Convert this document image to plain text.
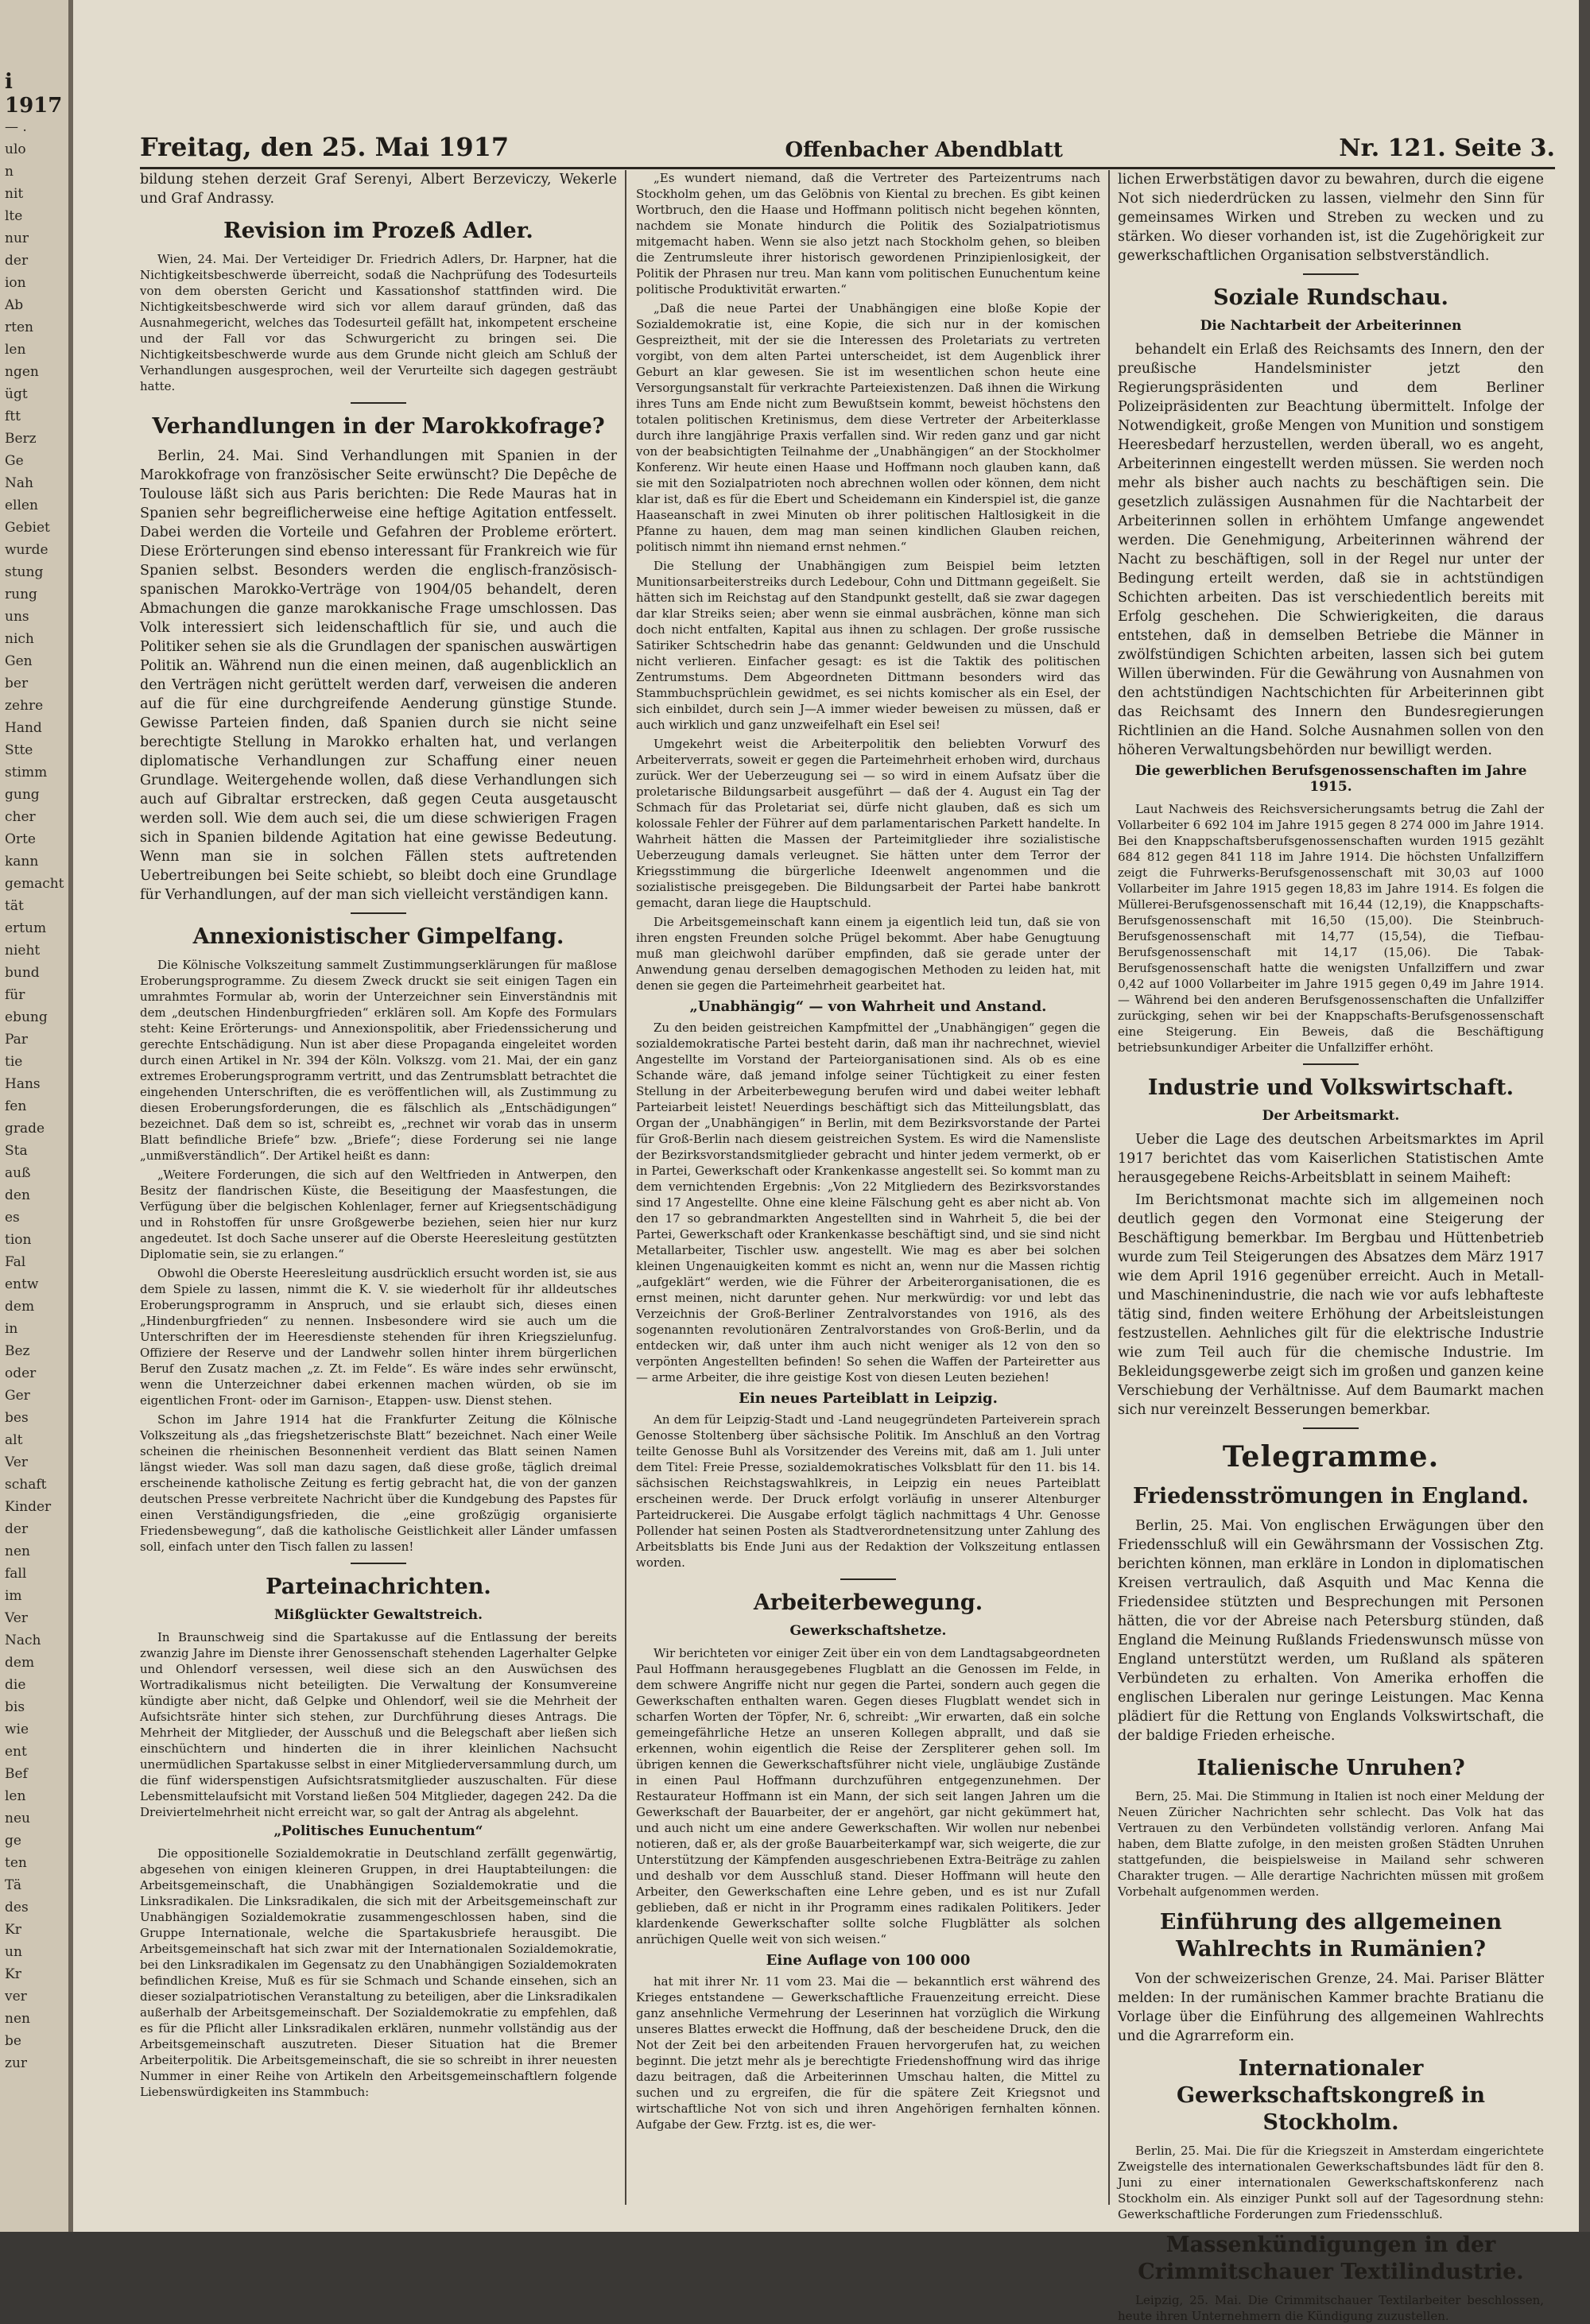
i 1917
— .
ulo
n
nit
lte
nur
der
ion
Ab
rten
len
ngen
ügt
ftt
Berz
Ge
Nah
ellen
Gebiet
wurde
stung
rung
uns
nich
Gen
ber
zehre
Hand
Stte
stimm
gung
cher
Orte
kann
gemacht
tät
ertum
nieht
bund
für
ebung
Par
tie
Hans
fen
grade
Sta
auß
den
es
tion
Fal
entw
dem
in
Bez
oder
Ger
bes
alt
Ver
schaft
Kinder
der
nen
fall
im
Ver
Nach
dem
die
bis
wie
ent
Bef
len
neu
ge
ten
Tä
des
Kr
un
Kr
ver
nen
be
zur
Freitag, den 25. Mai 1917	Offenbacher Abendblatt	Nr. 121. Seite 3.

bildung stehen derzeit Graf Serenyi, Albert Berzeviczy, Wekerle und Graf Andrassy.

Revision im Prozeß Adler.

Wien, 24. Mai. Der Verteidiger Dr. Friedrich Adlers, Dr. Harpner, hat die Nichtigkeitsbeschwerde überreicht, sodaß die Nachprüfung des Todesurteils von dem obersten Gericht und Kassationshof stattfinden wird. Die Nichtigkeitsbeschwerde wird sich vor allem darauf gründen, daß das Ausnahmegericht, welches das Todesurteil gefällt hat, inkompetent erscheine und der Fall vor das Schwurgericht zu bringen sei. Die Nichtigkeitsbeschwerde wurde aus dem Grunde nicht gleich am Schluß der Verhandlungen ausgesprochen, weil der Verurteilte sich dagegen gesträubt hatte.

Verhandlungen in der Marokkofrage?

Berlin, 24. Mai. Sind Verhandlungen mit Spanien in der Marokkofrage von französischer Seite erwünscht? Die Depêche de Toulouse läßt sich aus Paris berichten: Die Rede Mauras hat in Spanien sehr begreiflicherweise eine heftige Agitation entfesselt. Dabei werden die Vorteile und Gefahren der Probleme erörtert. Diese Erörterungen sind ebenso interessant für Frankreich wie für Spanien selbst. Besonders werden die englisch-französisch-spanischen Marokko-Verträge von 1904/05 behandelt, deren Abmachungen die ganze marokkanische Frage umschlossen. Das Volk interessiert sich leidenschaftlich für sie, und auch die Politiker sehen sie als die Grundlagen der spanischen auswärtigen Politik an. Während nun die einen meinen, daß augenblicklich an den Verträgen nicht gerüttelt werden darf, verweisen die anderen auf die für eine durchgreifende Aenderung günstige Stunde. Gewisse Parteien finden, daß Spanien durch sie nicht seine berechtigte Stellung in Marokko erhalten hat, und verlangen diplomatische Verhandlungen zur Schaffung einer neuen Grundlage. Weitergehende wollen, daß diese Verhandlungen sich auch auf Gibraltar erstrecken, daß gegen Ceuta ausgetauscht werden soll. Wie dem auch sei, die um diese schwierigen Fragen sich in Spanien bildende Agitation hat eine gewisse Bedeutung. Wenn man sie in solchen Fällen stets auftretenden Uebertreibungen bei Seite schiebt, so bleibt doch eine Grundlage für Verhandlungen, auf der man sich vielleicht verständigen kann.

Annexionistischer Gimpelfang.

Die Kölnische Volkszeitung sammelt Zustimmungserklärungen für maßlose Eroberungsprogramme. Zu diesem Zweck druckt sie seit einigen Tagen ein umrahmtes Formular ab, worin der Unterzeichner sein Einverständnis mit dem „deutschen Hindenburgfrieden“ erklären soll. Am Kopfe des Formulars steht: Keine Erörterungs- und Annexionspolitik, aber Friedenssicherung und gerechte Entschädigung. Nun ist aber diese Propaganda eingeleitet worden durch einen Artikel in Nr. 394 der Köln. Volkszg. vom 21. Mai, der ein ganz extremes Eroberungsprogramm vertritt, und das Zentrumsblatt betrachtet die eingehenden Unterschriften, die es veröffentlichen will, als Zustimmung zu diesen Eroberungsforderungen, die es fälschlich als „Entschädigungen“ bezeichnet. Daß dem so ist, schreibt es, „rechnet wir vorab das in unserm Blatt befindliche Briefe“ bzw. „Briefe“; diese Forderung sei nie lange „unmißverständlich“. Der Artikel heißt es dann:

„Weitere Forderungen, die sich auf den Weltfrieden in Antwerpen, den Besitz der flandrischen Küste, die Beseitigung der Maasfestungen, die Verfügung über die belgischen Kohlenlager, ferner auf Kriegsentschädigung und in Rohstoffen für unsre Großgewerbe beziehen, seien hier nur kurz angedeutet. Ist doch Sache unserer auf die Oberste Heeresleitung gestützten Diplomatie sein, sie zu erlangen.“

Obwohl die Oberste Heeresleitung ausdrücklich ersucht worden ist, sie aus dem Spiele zu lassen, nimmt die K. V. sie wiederholt für ihr alldeutsches Eroberungsprogramm in Anspruch, und sie erlaubt sich, dieses einen „Hindenburgfrieden“ zu nennen. Insbesondere wird sie auch um die Unterschriften der im Heeresdienste stehenden für ihren Kriegszielunfug. Offiziere der Reserve und der Landwehr sollen hinter ihrem bürgerlichen Beruf den Zusatz machen „z. Zt. im Felde“. Es wäre indes sehr erwünscht, wenn die Unterzeichner dabei erkennen machen würden, ob sie im eigentlichen Front- oder im Garnison-, Etappen- usw. Dienst stehen.

Schon im Jahre 1914 hat die Frankfurter Zeitung die Kölnische Volkszeitung als „das friegshetzerischste Blatt“ bezeichnet. Nach einer Weile scheinen die rheinischen Besonnenheit verdient das Blatt seinen Namen längst wieder. Was soll man dazu sagen, daß diese große, täglich dreimal erscheinende katholische Zeitung es fertig gebracht hat, die von der ganzen deutschen Presse verbreitete Nachricht über die Kundgebung des Papstes für einen Verständigungsfrieden, die „eine großzügig organisierte Friedensbewegung“, daß die katholische Geistlichkeit aller Länder umfassen soll, einfach unter den Tisch fallen zu lassen!

Parteinachrichten.
Mißglückter Gewaltstreich.

In Braunschweig sind die Spartakusse auf die Entlassung der bereits zwanzig Jahre im Dienste ihrer Genossenschaft stehenden Lagerhalter Gelpke und Ohlendorf versessen, weil diese sich an den Auswüchsen des Wortradikalismus nicht beteiligten. Die Verwaltung der Konsumvereine kündigte aber nicht, daß Gelpke und Ohlendorf, weil sie die Mehrheit der Aufsichtsräte hinter sich stehen, zur Durchführung dieses Antrags. Die Mehrheit der Mitglieder, der Ausschuß und die Belegschaft aber ließen sich einschüchtern und hinderten die in ihrer kleinlichen Nachsucht unermüdlichen Spartakusse selbst in einer Mitgliederversammlung durch, um die fünf widerspenstigen Aufsichtsratsmitglieder auszuschalten. Für diese Lebensmittelaufsicht mit Vorstand ließen 504 Mitglieder, dagegen 242. Da die Dreiviertelmehrheit nicht erreicht war, so galt der Antrag als abgelehnt.

„Politisches Eunuchentum“

Die oppositionelle Sozialdemokratie in Deutschland zerfällt gegenwärtig, abgesehen von einigen kleineren Gruppen, in drei Hauptabteilungen: die Arbeitsgemeinschaft, die Unabhängigen Sozialdemokratie und die Linksradikalen. Die Linksradikalen, die sich mit der Arbeitsgemeinschaft zur Unabhängigen Sozialdemokratie zusammengeschlossen haben, sind die Gruppe Internationale, welche die Spartakusbriefe herausgibt. Die Arbeitsgemeinschaft hat sich zwar mit der Internationalen Sozialdemokratie, bei den Linksradikalen im Gegensatz zu den Unabhängigen Sozialdemokraten befindlichen Kreise, Muß es für sie Schmach und Schande einsehen, sich an dieser sozialpatriotischen Veranstaltung zu beteiligen, aber die Linksradikalen außerhalb der Arbeitsgemeinschaft. Der Sozialdemokratie zu empfehlen, daß es für die Pflicht aller Linksradikalen erklären, nunmehr vollständig aus der Arbeitsgemeinschaft auszutreten. Dieser Situation hat die Bremer Arbeiterpolitik. Die Arbeitsgemeinschaft, die sie so schreibt in ihrer neuesten Nummer in einer Reihe von Artikeln den Arbeitsgemeinschaftlern folgende Liebenswürdigkeiten ins Stammbuch:

„Es wundert niemand, daß die Vertreter des Parteizentrums nach Stockholm gehen, um das Gelöbnis von Kiental zu brechen. Es gibt keinen Wortbruch, den die Haase und Hoffmann politisch nicht begehen könnten, nachdem sie Monate hindurch die Politik des Sozialpatriotismus mitgemacht haben. Wenn sie also jetzt nach Stockholm gehen, so bleiben die Zentrumsleute ihrer historisch gewordenen Prinzipienlosigkeit, der Politik der Phrasen nur treu. Man kann vom politischen Eunuchentum keine politische Produktivität erwarten.“

„Daß die neue Partei der Unabhängigen eine bloße Kopie der Sozialdemokratie ist, eine Kopie, die sich nur in der komischen Gespreiztheit, mit der sie die Interessen des Proletariats zu vertreten vorgibt, von dem alten Partei unterscheidet, ist dem Augenblick ihrer Geburt an klar gewesen. Sie ist im wesentlichen schon heute eine Versorgungsanstalt für verkrachte Parteiexistenzen. Daß ihnen die Wirkung ihres Tuns am Ende nicht zum Bewußtsein kommt, beweist höchstens den totalen politischen Kretinismus, dem diese Vertreter der Arbeiterklasse durch ihre langjährige Praxis verfallen sind. Wir reden ganz und gar nicht von der beabsichtigten Teilnahme der „Unabhängigen“ an der Stockholmer Konferenz. Wir heute einen Haase und Hoffmann noch glauben kann, daß sie mit den Sozialpatrioten noch abrechnen wollen oder können, dem nicht klar ist, daß es für die Ebert und Scheidemann ein Kinderspiel ist, die ganze Haaseanschaft in zwei Minuten ob ihrer politischen Haltlosigkeit in die Pfanne zu hauen, dem mag man seinen kindlichen Glauben reichen, politisch nimmt ihn niemand ernst nehmen.“

Die Stellung der Unabhängigen zum Beispiel beim letzten Munitionsarbeiterstreiks durch Ledebour, Cohn und Dittmann gegeißelt. Sie hätten sich im Reichstag auf den Standpunkt gestellt, daß sie zwar dagegen dar klar Streiks seien; aber wenn sie einmal ausbrächen, könne man sich doch nicht entfalten, Kapital aus ihnen zu schlagen. Der große russische Satiriker Schtschedrin habe das genannt: Geldwunden und die Unschuld nicht verlieren. Einfacher gesagt: es ist die Taktik des politischen Zentrumstums. Dem Abgeordneten Dittmann besonders wird das Stammbuchsprüchlein gewidmet, es sei nichts komischer als ein Esel, der sich einbildet, durch sein J—A immer wieder beweisen zu müssen, daß er auch wirklich und ganz unzweifelhaft ein Esel sei!

Umgekehrt weist die Arbeiterpolitik den beliebten Vorwurf des Arbeiterverrats, soweit er gegen die Parteimehrheit erhoben wird, durchaus zurück. Wer der Ueberzeugung sei — so wird in einem Aufsatz über die proletarische Bildungsarbeit ausgeführt — daß der 4. August ein Tag der Schmach für das Proletariat sei, dürfe nicht glauben, daß es sich um kolossale Fehler der Führer auf dem parlamentarischen Parkett handelte. In Wahrheit hätten die Massen der Parteimitglieder ihre sozialistische Ueberzeugung damals verleugnet. Sie hätten unter dem Terror der Kriegsstimmung die bürgerliche Ideenwelt angenommen und die sozialistische preisgegeben. Die Bildungsarbeit der Partei habe bankrott gemacht, daran liege die Hauptschuld.

Die Arbeitsgemeinschaft kann einem ja eigentlich leid tun, daß sie von ihren engsten Freunden solche Prügel bekommt. Aber habe Genugtuung muß man gleichwohl darüber empfinden, daß sie gerade unter der Anwendung genau derselben demagogischen Methoden zu leiden hat, mit denen sie gegen die Parteimehrheit gearbeitet hat.

„Unabhängig“ — von Wahrheit und Anstand.

Zu den beiden geistreichen Kampfmittel der „Unabhängigen“ gegen die sozialdemokratische Partei besteht darin, daß man ihr nachrechnet, wieviel Angestellte im Vorstand der Parteiorganisationen sind. Als ob es eine Schande wäre, daß jemand infolge seiner Tüchtigkeit zu einer festen Stellung in der Arbeiterbewegung berufen wird und dabei weiter lebhaft Parteiarbeit leistet! Neuerdings beschäftigt sich das Mitteilungsblatt, das Organ der „Unabhängigen“ in Berlin, mit dem Bezirksvorstande der Partei für Groß-Berlin nach diesem geistreichen System. Es wird die Namensliste der Bezirksvorstandsmitglieder gebracht und hinter jedem vermerkt, ob er in Partei, Gewerkschaft oder Krankenkasse angestellt sei. So kommt man zu dem vernichtenden Ergebnis: „Von 22 Mitgliedern des Bezirksvorstandes sind 17 Angestellte. Ohne eine kleine Fälschung geht es aber nicht ab. Von den 17 so gebrandmarkten Angestellten sind in Wahrheit 5, die bei der Partei, Gewerkschaft oder Krankenkasse beschäftigt sind, und sie sind nicht Metallarbeiter, Tischler usw. angestellt. Wie mag es aber bei solchen kleinen Ungenauigkeiten kommt es nicht an, wenn nur die Massen richtig „aufgeklärt“ werden, wie die Führer der Arbeiterorganisationen, die es ernst meinen, nicht darunter gehen. Nur merkwürdig: vor und lebt das Verzeichnis der Groß-Berliner Zentralvorstandes von 1916, als des sogenannten revolutionären Zentralvorstandes von Groß-Berlin, und da entdecken wir, daß unter ihm auch nicht weniger als 12 von den so verpönten Angestellten befinden! So sehen die Waffen der Parteiretter aus — arme Arbeiter, die ihre geistige Kost von diesen Leuten beziehen!

Ein neues Parteiblatt in Leipzig.

An dem für Leipzig-Stadt und -Land neugegründeten Parteiverein sprach Genosse Stoltenberg über sächsische Politik. Im Anschluß an den Vortrag teilte Genosse Buhl als Vorsitzender des Vereins mit, daß am 1. Juli unter dem Titel: Freie Presse, sozialdemokratisches Volksblatt für den 11. bis 14. sächsischen Reichstagswahlkreis, in Leipzig ein neues Parteiblatt erscheinen werde. Der Druck erfolgt vorläufig in unserer Altenburger Parteidruckerei. Die Ausgabe erfolgt täglich nachmittags 4 Uhr. Genosse Pollender hat seinen Posten als Stadtverordnetensitzung unter Zahlung des Arbeitsblatts bis Ende Juni aus der Redaktion der Volkszeitung entlassen worden.

Arbeiterbewegung.
Gewerkschaftshetze.

Wir berichteten vor einiger Zeit über ein von dem Landtagsabgeordneten Paul Hoffmann herausgegebenes Flugblatt an die Genossen im Felde, in dem schwere Angriffe nicht nur gegen die Partei, sondern auch gegen die Gewerkschaften enthalten waren. Gegen dieses Flugblatt wendet sich in scharfen Worten der Töpfer, Nr. 6, schreibt: „Wir erwarten, daß ein solche gemeingefährliche Hetze an unseren Kollegen abprallt, und daß sie erkennen, wohin eigentlich die Reise der Zerspliterer gehen soll. Im übrigen kennen die Gewerkschaftsführer nicht viele, ungläubige Zustände in einen Paul Hoffmann durchzuführen entgegenzunehmen. Der Restaurateur Hoffmann ist ein Mann, der sich seit langen Jahren um die Gewerkschaft der Bauarbeiter, der er angehört, gar nicht gekümmert hat, und auch nicht um eine andere Gewerkschaften. Wir wollen nur nebenbei notieren, daß er, als der große Bauarbeiterkampf war, sich weigerte, die zur Unterstützung der Kämpfenden ausgeschriebenen Extra-Beiträge zu zahlen und deshalb vor dem Ausschluß stand. Dieser Hoffmann will heute den Arbeiter, den Gewerkschaften eine Lehre geben, und es ist nur Zufall geblieben, daß er nicht in ihr Programm eines radikalen Politikers. Jeder klardenkende Gewerkschafter sollte solche Flugblätter als solchen anrüchigen Quelle weit von sich weisen.“

Eine Auflage von 100 000

hat mit ihrer Nr. 11 vom 23. Mai die — bekanntlich erst während des Krieges entstandene — Gewerkschaftliche Frauenzeitung erreicht. Diese ganz ansehnliche Vermehrung der Leserinnen hat vorzüglich die Wirkung unseres Blattes erweckt die Hoffnung, daß der bescheidene Druck, den die Not der Zeit bei den arbeitenden Frauen hervorgerufen hat, zu weichen beginnt. Die jetzt mehr als je berechtigte Friedenshoffnung wird das ihrige dazu beitragen, daß die Arbeiterinnen Umschau halten, die Mittel zu suchen und zu ergreifen, die für die spätere Zeit Kriegsnot und wirtschaftliche Not von sich und ihren Angehörigen fernhalten können. Aufgabe der Gew. Frztg. ist es, die wer-

lichen Erwerbstätigen davor zu bewahren, durch die eigene Not sich niederdrücken zu lassen, vielmehr den Sinn für gemeinsames Wirken und Streben zu wecken und zu stärken. Wo dieser vorhanden ist, ist die Zugehörigkeit zur gewerkschaftlichen Organisation selbstverständlich.

Soziale Rundschau.
Die Nachtarbeit der Arbeiterinnen

behandelt ein Erlaß des Reichsamts des Innern, den der preußische Handelsminister jetzt den Regierungspräsidenten und dem Berliner Polizeipräsidenten zur Beachtung übermittelt. Infolge der Notwendigkeit, große Mengen von Munition und sonstigem Heeresbedarf herzustellen, werden überall, wo es angeht, Arbeiterinnen eingestellt werden müssen. Sie werden noch mehr als bisher auch nachts zu beschäftigen sein. Die gesetzlich zulässigen Ausnahmen für die Nachtarbeit der Arbeiterinnen sollen in erhöhtem Umfange angewendet werden. Die Genehmigung, Arbeiterinnen während der Nacht zu beschäftigen, soll in der Regel nur unter der Bedingung erteilt werden, daß sie in achtstündigen Schichten arbeiten. Das ist verschiedentlich bereits mit Erfolg geschehen. Die Schwierigkeiten, die daraus entstehen, daß in demselben Betriebe die Männer in zwölfstündigen Schichten arbeiten, lassen sich bei gutem Willen überwinden. Für die Gewährung von Ausnahmen von den achtstündigen Nachtschichten für Arbeiterinnen gibt das Reichsamt des Innern den Bundesregierungen Richtlinien an die Hand. Solche Ausnahmen sollen von den höheren Verwaltungsbehörden nur bewilligt werden.

Die gewerblichen Berufsgenossenschaften im Jahre 1915.

Laut Nachweis des Reichsversicherungsamts betrug die Zahl der Vollarbeiter 6 692 104 im Jahre 1915 gegen 8 274 000 im Jahre 1914. Bei den Knappschaftsberufsgenossenschaften wurden 1915 gezählt 684 812 gegen 841 118 im Jahre 1914. Die höchsten Unfallziffern zeigt die Fuhrwerks-Berufsgenossenschaft mit 30,03 auf 1000 Vollarbeiter im Jahre 1915 gegen 18,83 im Jahre 1914. Es folgen die Müllerei-Berufsgenossenschaft mit 16,44 (12,19), die Knappschafts-Berufsgenossenschaft mit 16,50 (15,00). Die Steinbruch-Berufsgenossenschaft mit 14,77 (15,54), die Tiefbau-Berufsgenossenschaft mit 14,17 (15,06). Die Tabak-Berufsgenossenschaft hatte die wenigsten Unfallziffern und zwar 0,42 auf 1000 Vollarbeiter im Jahre 1915 gegen 0,49 im Jahre 1914. — Während bei den anderen Berufsgenossenschaften die Unfallziffer zurückging, sehen wir bei der Knappschafts-Berufsgenossenschaft eine Steigerung. Ein Beweis, daß die Beschäftigung betriebsunkundiger Arbeiter die Unfallziffer erhöht.

Industrie und Volkswirtschaft.
Der Arbeitsmarkt.

Ueber die Lage des deutschen Arbeitsmarktes im April 1917 berichtet das vom Kaiserlichen Statistischen Amte herausgegebene Reichs-Arbeitsblatt in seinem Maiheft:

Im Berichtsmonat machte sich im allgemeinen noch deutlich gegen den Vormonat eine Steigerung der Beschäftigung bemerkbar. Im Bergbau und Hüttenbetrieb wurde zum Teil Steigerungen des Absatzes dem März 1917 wie dem April 1916 gegenüber erreicht. Auch in Metall- und Maschinenindustrie, die nach wie vor aufs lebhafteste tätig sind, finden weitere Erhöhung der Arbeitsleistungen festzustellen. Aehnliches gilt für die elektrische Industrie wie zum Teil auch für die chemische Industrie. Im Bekleidungsgewerbe zeigt sich im großen und ganzen keine Verschiebung der Verhältnisse. Auf dem Baumarkt machen sich nur vereinzelt Besserungen bemerkbar.

Telegramme.
Friedensströmungen in England.

Berlin, 25. Mai. Von englischen Erwägungen über den Friedensschluß will ein Gewährsmann der Vossischen Ztg. berichten können, man erkläre in London in diplomatischen Kreisen vertraulich, daß Asquith und Mac Kenna die Friedensidee stützten und Besprechungen mit Personen hätten, die vor der Abreise nach Petersburg stünden, daß England die Meinung Rußlands Friedenswunsch müsse von England unterstützt werden, um Rußland als späteren Verbündeten zu erhalten. Von Amerika erhoffen die englischen Liberalen nur geringe Leistungen. Mac Kenna plädiert für die Rettung von Englands Volkswirtschaft, die der baldige Frieden erheische.

Italienische Unruhen?

Bern, 25. Mai. Die Stimmung in Italien ist noch einer Meldung der Neuen Züricher Nachrichten sehr schlecht. Das Volk hat das Vertrauen zu den Verbündeten vollständig verloren. Anfang Mai haben, dem Blatte zufolge, in den meisten großen Städten Unruhen stattgefunden, die beispielsweise in Mailand sehr schweren Charakter trugen. — Alle derartige Nachrichten müssen mit großem Vorbehalt aufgenommen werden.

Einführung des allgemeinen Wahlrechts in Rumänien?

Von der schweizerischen Grenze, 24. Mai. Pariser Blätter melden: In der rumänischen Kammer brachte Bratianu die Vorlage über die Einführung des allgemeinen Wahlrechts und die Agrarreform ein.

Internationaler Gewerkschaftskongreß in Stockholm.

Berlin, 25. Mai. Die für die Kriegszeit in Amsterdam eingerichtete Zweigstelle des internationalen Gewerkschaftsbundes lädt für den 8. Juni zu einer internationalen Gewerkschaftskonferenz nach Stockholm ein. Als einziger Punkt soll auf der Tagesordnung stehn: Gewerkschaftliche Forderungen zum Friedensschluß.

Massenkündigungen in der Crimmitschauer Textilindustrie.

Leipzig, 25. Mai. Die Crimmitschauer Textilarbeiter beschlossen, heute ihren Unternehmern die Kündigung zuzustellen.
